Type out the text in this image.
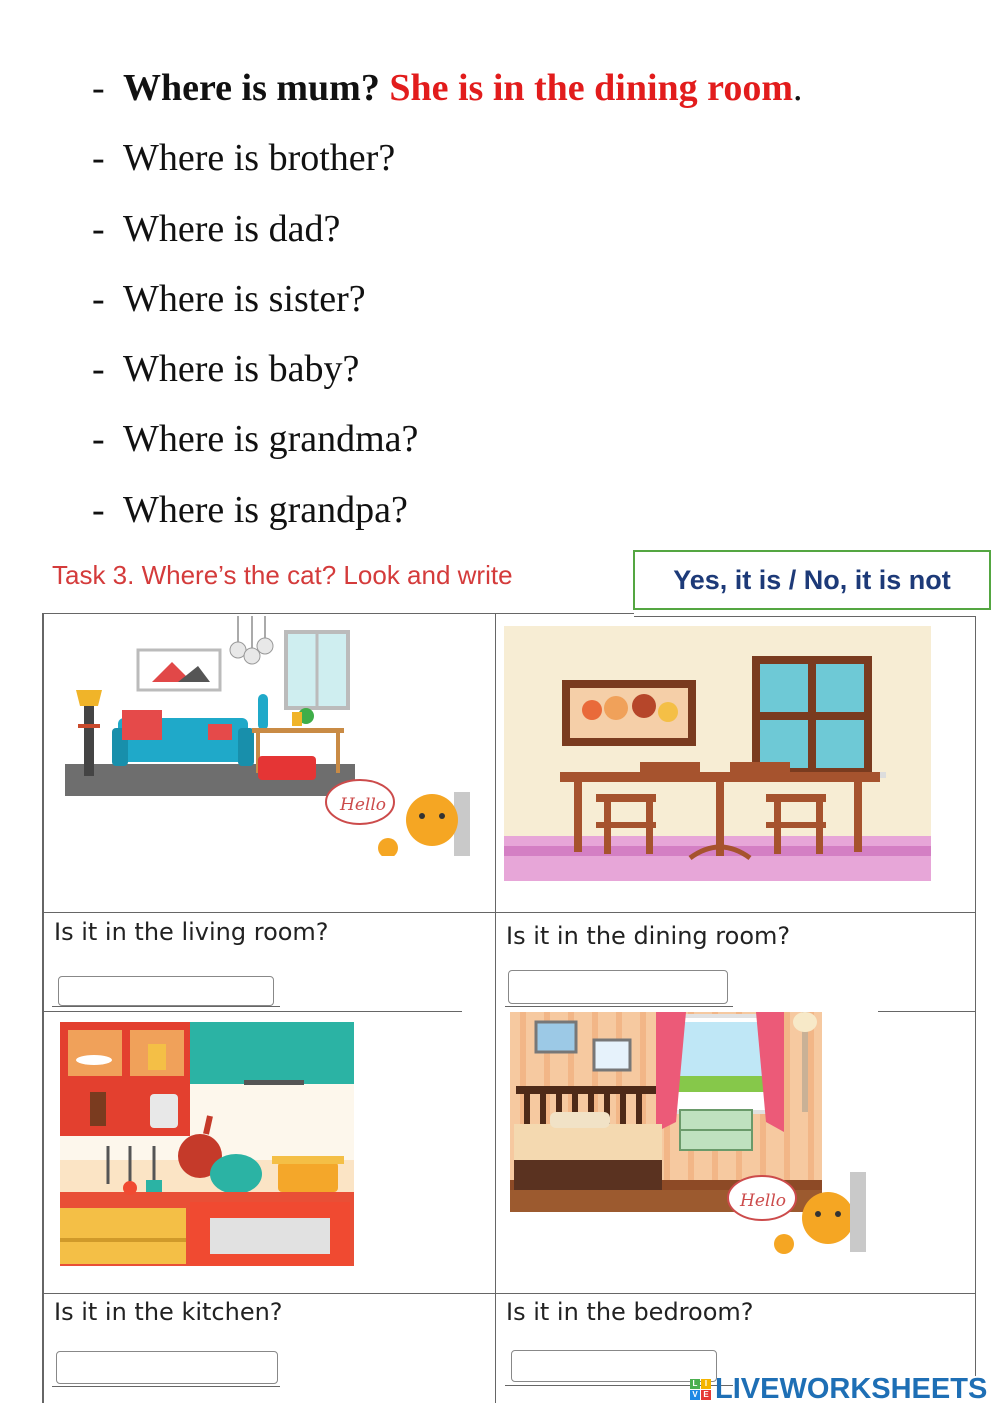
- Where is mum? She is in the dining room.
- Where is brother?
- Where is dad?
- Where is sister?
- Where is baby?
- Where is grandma?
- Where is grandpa?
Task 3. Where’s the cat? Look and write	Yes, it is / No, it is not
Hello
Hello
Is it in the living room?	Is it in the dining room?
Is it in the kitchen?	Is it in the bedroom?
L I
V E LIVEWORKSHEETS
